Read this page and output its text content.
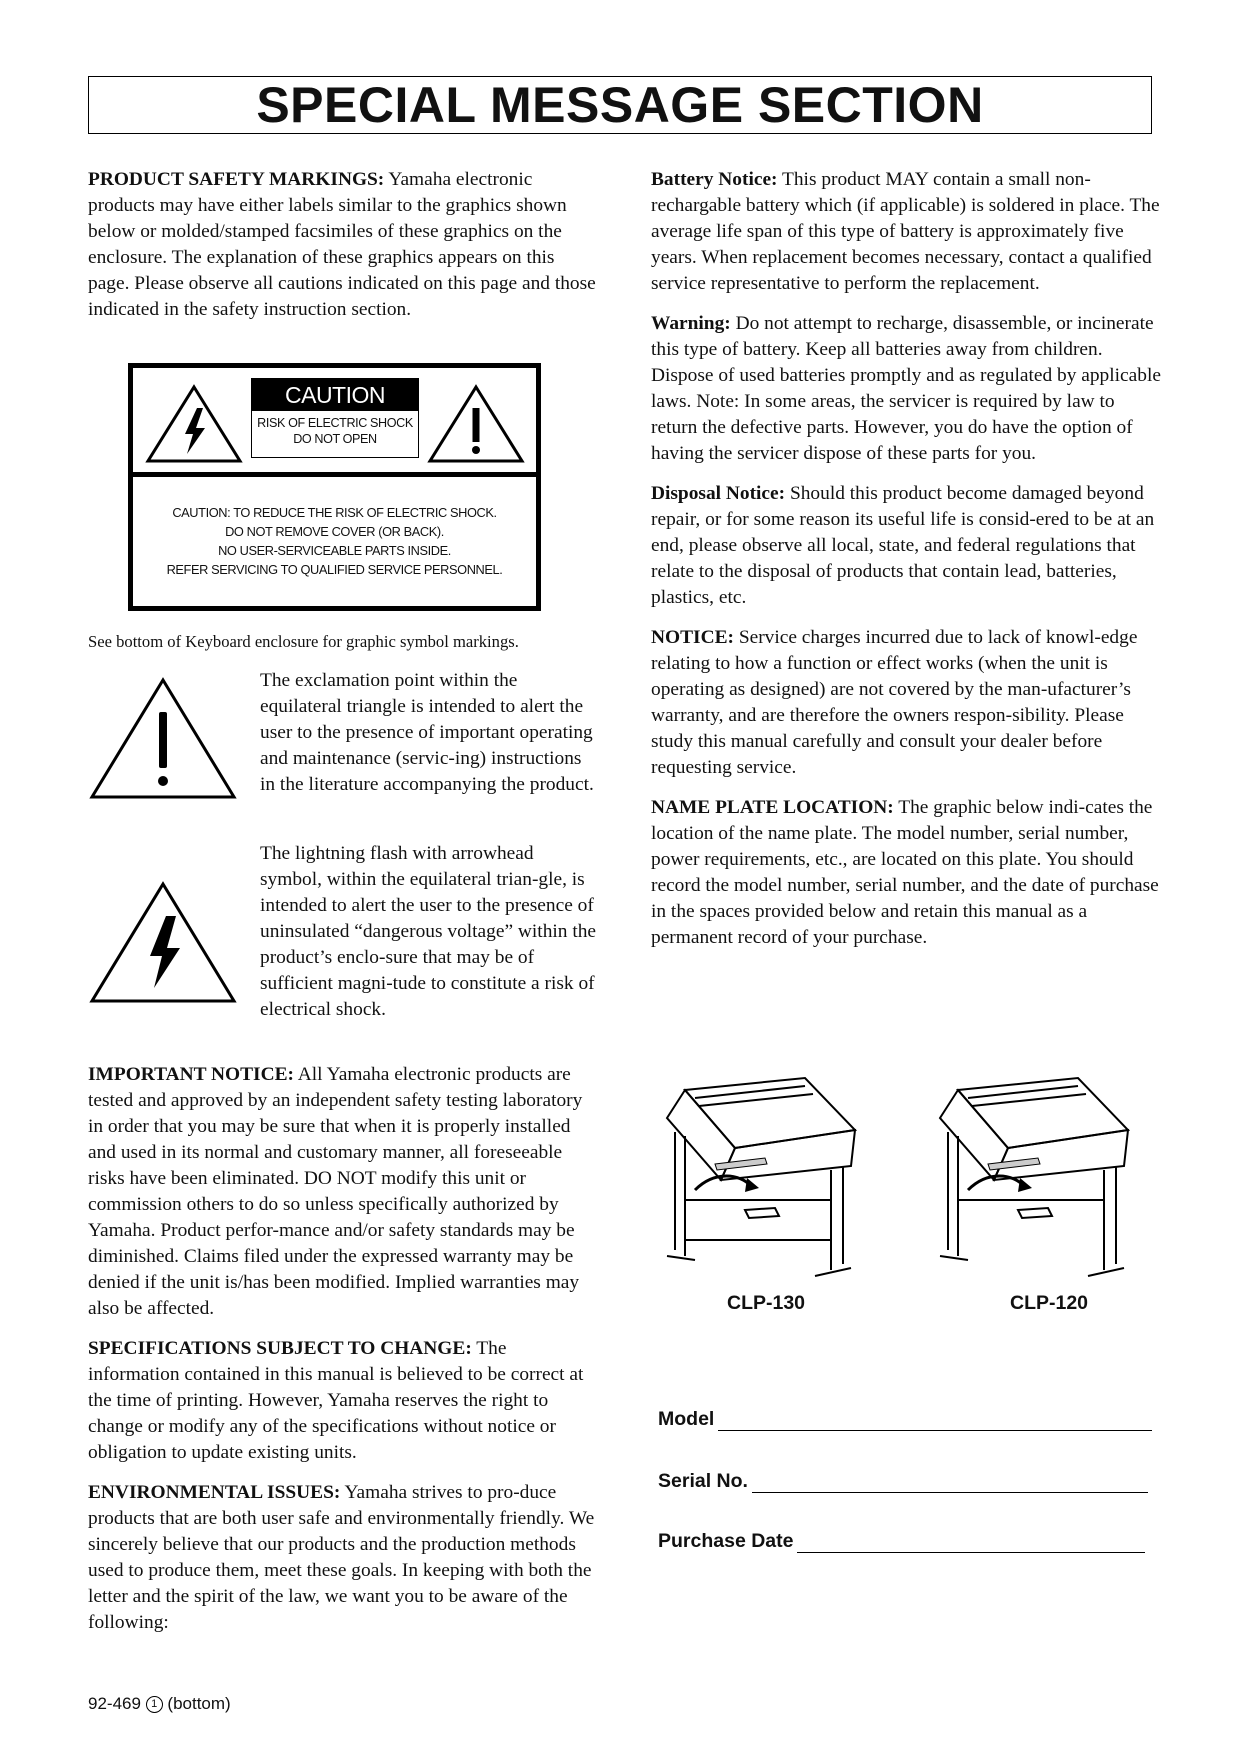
SPECIAL MESSAGE SECTION

PRODUCT SAFETY MARKINGS: Yamaha electronic products may have either labels similar to the graphics shown below or molded/stamped facsimiles of these graphics on the enclosure. The explanation of these graphics appears on this page. Please observe all cautions indicated on this page and those indicated in the safety instruction section.

CAUTION
RISK OF ELECTRIC SHOCK
DO NOT OPEN
CAUTION: TO REDUCE THE RISK OF ELECTRIC SHOCK.
DO NOT REMOVE COVER (OR BACK).
NO USER-SERVICEABLE PARTS INSIDE.
REFER SERVICING TO QUALIFIED SERVICE PERSONNEL.
See bottom of Keyboard enclosure for graphic symbol markings.
The exclamation point within the equilateral triangle is intended to alert the user to the presence of important operating and maintenance (servic-ing) instructions in the literature accompanying the product.
The lightning flash with arrowhead symbol, within the equilateral trian-gle, is intended to alert the user to the presence of uninsulated “dangerous voltage” within the product’s enclo-sure that may be of sufficient magni-tude to constitute a risk of electrical shock.

IMPORTANT NOTICE: All Yamaha electronic products are tested and approved by an independent safety testing laboratory in order that you may be sure that when it is properly installed and used in its normal and customary manner, all foreseeable risks have been eliminated. DO NOT modify this unit or commission others to do so unless specifically authorized by Yamaha. Product perfor-mance and/or safety standards may be diminished. Claims filed under the expressed warranty may be denied if the unit is/has been modified. Implied warranties may also be affected.

SPECIFICATIONS SUBJECT TO CHANGE: The information contained in this manual is believed to be correct at the time of printing. However, Yamaha reserves the right to change or modify any of the specifications without notice or obligation to update existing units.

ENVIRONMENTAL ISSUES: Yamaha strives to pro-duce products that are both user safe and environmentally friendly. We sincerely believe that our products and the production methods used to produce them, meet these goals. In keeping with both the letter and the spirit of the law, we want you to be aware of the following:

Battery Notice: This product MAY contain a small non-rechargable battery which (if applicable) is soldered in place. The average life span of this type of battery is approximately five years. When replacement becomes necessary, contact a qualified service representative to perform the replacement.

Warning: Do not attempt to recharge, disassemble, or incinerate this type of battery. Keep all batteries away from children. Dispose of used batteries promptly and as regulated by applicable laws. Note: In some areas, the servicer is required by law to return the defective parts. However, you do have the option of having the servicer dispose of these parts for you.

Disposal Notice: Should this product become damaged beyond repair, or for some reason its useful life is consid-ered to be at an end, please observe all local, state, and federal regulations that relate to the disposal of products that contain lead, batteries, plastics, etc.

NOTICE: Service charges incurred due to lack of knowl-edge relating to how a function or effect works (when the unit is operating as designed) are not covered by the man-ufacturer’s warranty, and are therefore the owners respon-sibility. Please study this manual carefully and consult your dealer before requesting service.

NAME PLATE LOCATION: The graphic below indi-cates the location of the name plate. The model number, serial number, power requirements, etc., are located on this plate. You should record the model number, serial number, and the date of purchase in the spaces provided below and retain this manual as a permanent record of your purchase.

CLP-130	CLP-120
Model
Serial No.
Purchase Date
92-469 1 (bottom)
